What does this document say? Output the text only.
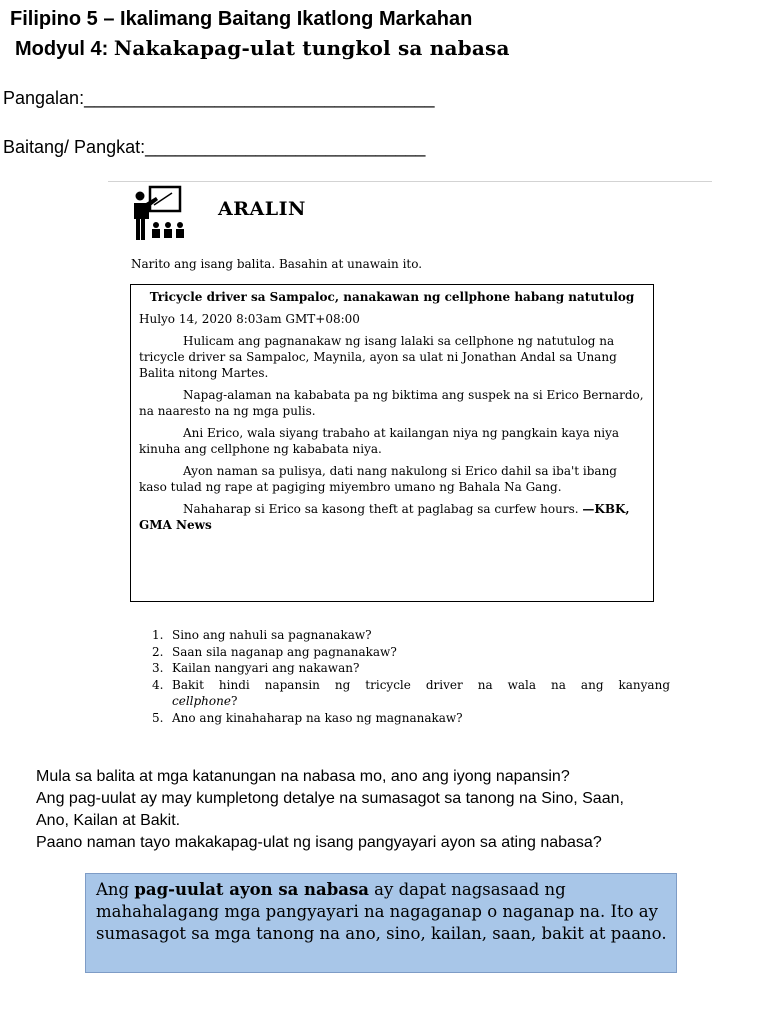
Filipino 5 – Ikalimang Baitang Ikatlong Markahan
Modyul 4: Nakakapag-ulat tungkol sa nabasa
Pangalan:___________________________________
Baitang/ Pangkat:____________________________
ARALIN
Narito ang isang balita. Basahin at unawain ito.
Tricycle driver sa Sampaloc, nanakawan ng cellphone habang natutulog
Hulyo 14, 2020 8:03am GMT+08:00

Hulicam ang pagnanakaw ng isang lalaki sa cellphone ng natutulog na tricycle driver sa Sampaloc, Maynila, ayon sa ulat ni Jonathan Andal sa Unang Balita nitong Martes.

Napag-alaman na kababata pa ng biktima ang suspek na si Erico Bernardo, na naaresto na ng mga pulis.

Ani Erico, wala siyang trabaho at kailangan niya ng pangkain kaya niya kinuha ang cellphone ng kababata niya.

Ayon naman sa pulisya, dati nang nakulong si Erico dahil sa iba't ibang kaso tulad ng rape at pagiging miyembro umano ng Bahala Na Gang.

Nahaharap si Erico sa kasong theft at paglabag sa curfew hours. —KBK, GMA News

1. Sino ang nahuli sa pagnanakaw?
2. Saan sila naganap ang pagnanakaw?
3. Kailan nangyari ang nakawan?
4. Bakit hindi napansin ng tricycle driver na wala na ang kanyang
cellphone?
5. Ano ang kinahaharap na kaso ng magnanakaw?
Mula sa balita at mga katanungan na nabasa mo, ano ang iyong napansin?
Ang pag-uulat ay may kumpletong detalye na sumasagot sa tanong na Sino, Saan,
Ano, Kailan at Bakit.
Paano naman tayo makakapag-ulat ng isang pangyayari ayon sa ating nabasa?
Ang pag-uulat ayon sa nabasa ay dapat nagsasaad ng mahahalagang mga pangyayari na nagaganap o naganap na. Ito ay sumasagot sa mga tanong na ano, sino, kailan, saan, bakit at paano.
